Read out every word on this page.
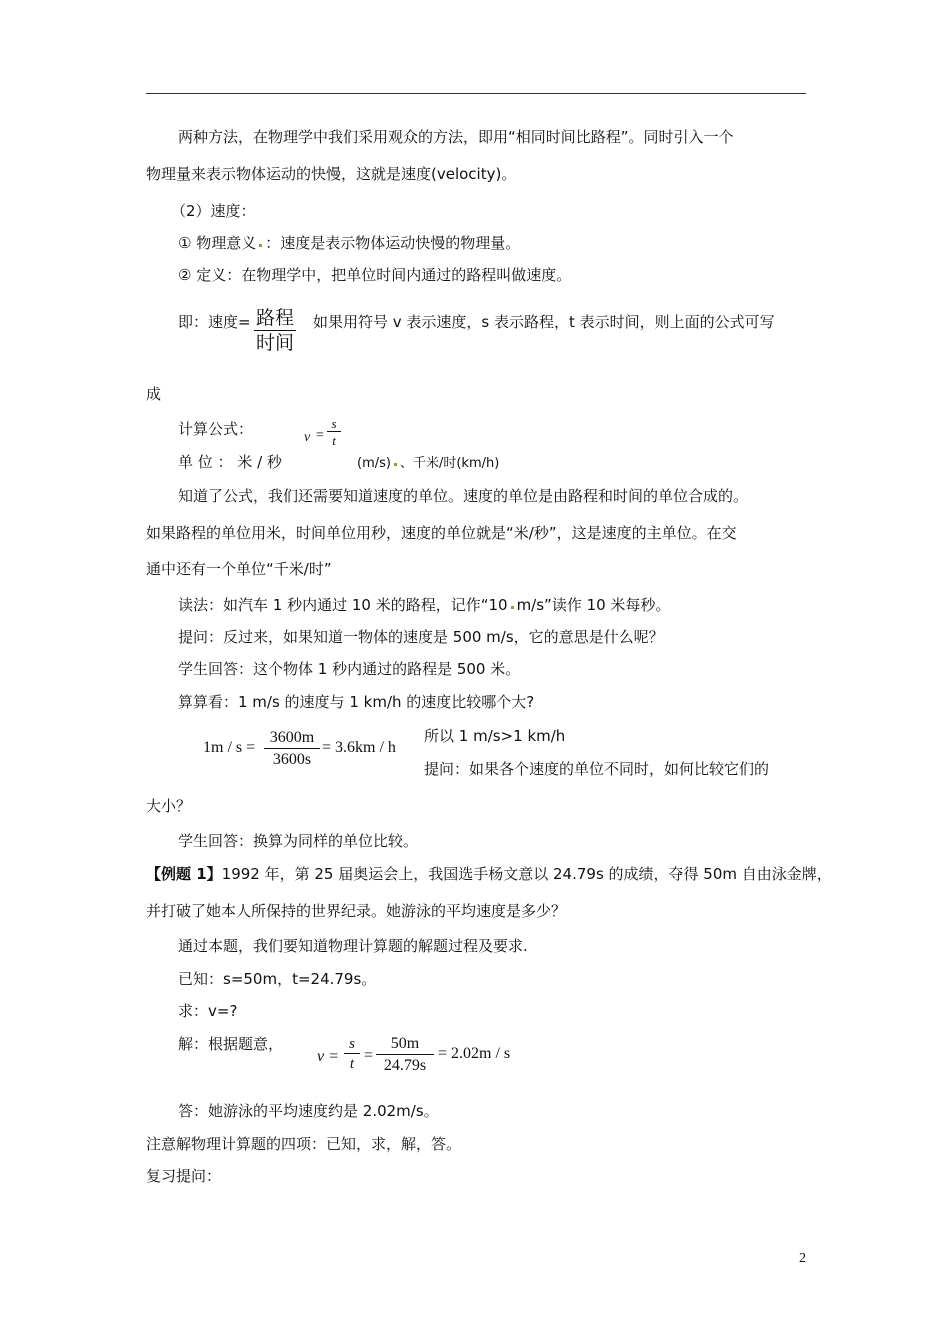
两种方法，在物理学中我们采用观众的方法，即用“相同时间比路程”。同时引入一个
物理量来表示物体运动的快慢，这就是速度(velocity)。
（2）速度：
① 物理意义 ：速度是表示物体运动快慢的物理量。
② 定义：在物理学中，把单位时间内通过的路程叫做速度。
即：速度= 路程
时间
如果用符号 v 表示速度，s 表示路程，t 表示时间，则上面的公式可写
成
计算公式：	v =
s
t
单 位 ： 米 / 秒	(m/s) 、千米/时(km/h)
知道了公式，我们还需要知道速度的单位。速度的单位是由路程和时间的单位合成的。
如果路程的单位用米，时间单位用秒，速度的单位就是“米/秒”，这是速度的主单位。在交
通中还有一个单位“千米/时”
读法：如汽车 1 秒内通过 10 米的路程，记作“10 m/s”读作 10 米每秒。
提问：反过来，如果知道一物体的速度是 500 m/s，它的意思是什么呢？
学生回答：这个物体 1 秒内通过的路程是 500 米。
算算看：1 m/s 的速度与 1 km/h 的速度比较哪个大?
1m / s =
3600m
3600s
= 3.6km / h
所以 1 m/s>1 km/h
提问：如果各个速度的单位不同时，如何比较它们的
大小？
学生回答：换算为同样的单位比较。
【例题 1】1992 年，第 25 届奥运会上，我国选手杨文意以 24.79s 的成绩，夺得 50m 自由泳金牌，
并打破了她本人所保持的世界纪录。她游泳的平均速度是多少？
通过本题，我们要知道物理计算题的解题过程及要求.
已知：s=50m，t=24.79s。
求：v=?
解：根据题意，
v =
s
t =
50m
24.79s
= 2.02m / s
答：她游泳的平均速度约是 2.02m/s。
注意解物理计算题的四项：已知，求，解，答。
复习提问：
2
